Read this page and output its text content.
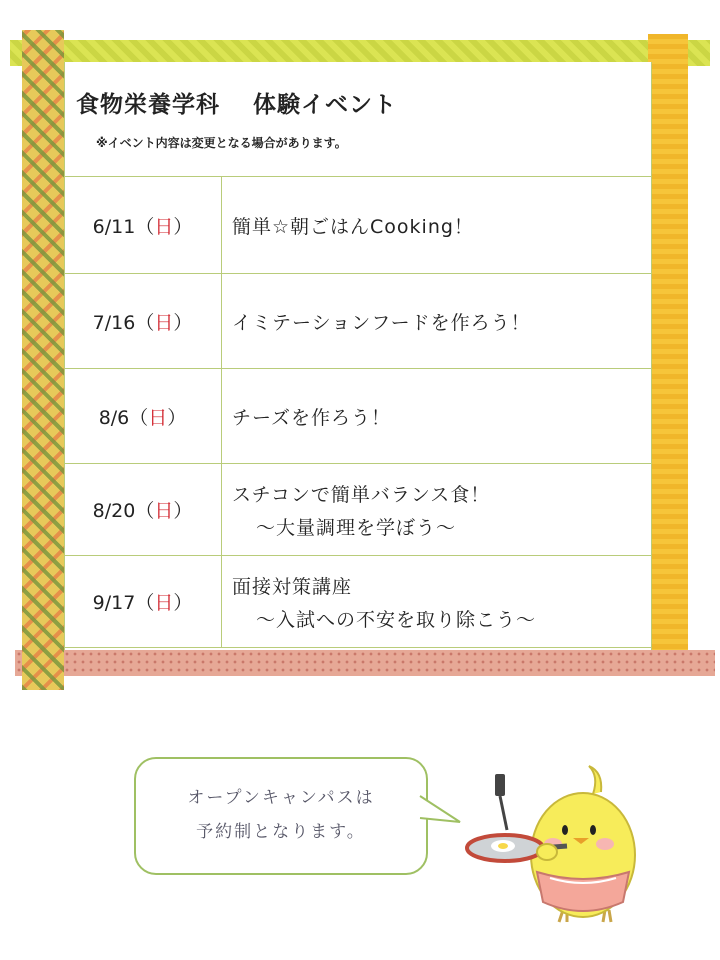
食物栄養学科　 体験イベント
※イベント内容は変更となる場合があります。
6/11（日）	簡単☆朝ごはんCooking！
7/16（日）	イミテーションフードを作ろう！
8/6（日）	チーズを作ろう！
8/20（日）	スチコンで簡単バランス食！
～大量調理を学ぼう～

9/17（日）	面接対策講座
～入試への不安を取り除こう～
オープンキャンパスは
予約制となります。
